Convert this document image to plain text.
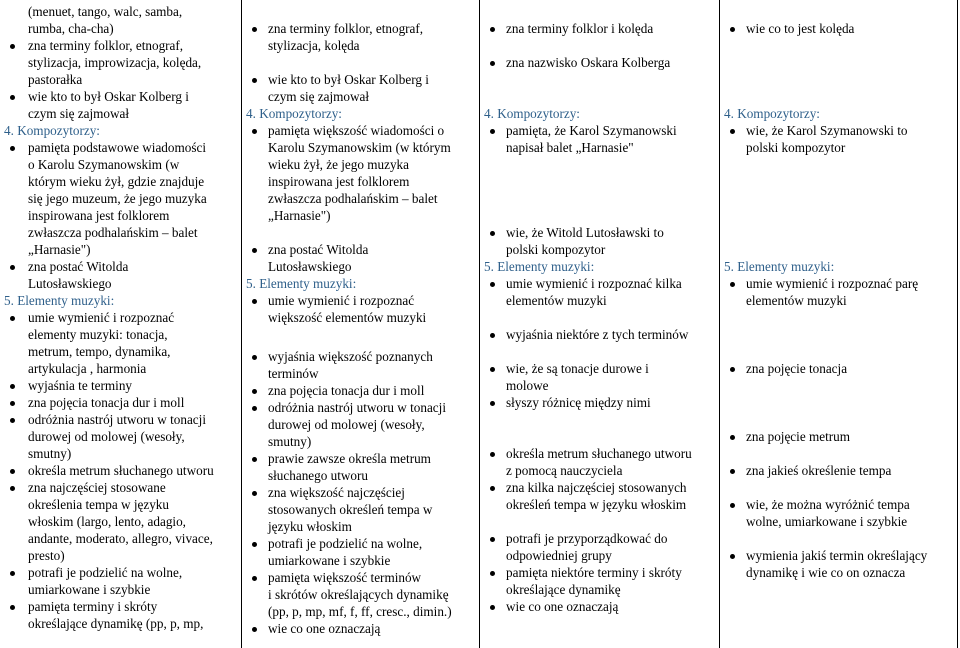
(menuet, tango, walc, samba,
rumba, cha-cha)
zna terminy folklor, etnograf,
stylizacja, improwizacja, kolęda,
pastorałka
wie kto to był Oskar Kolberg i
czym się zajmował
4. Kompozytorzy:
pamięta podstawowe wiadomości
o Karolu Szymanowskim (w
którym wieku żył, gdzie znajduje
się jego muzeum, że jego muzyka
inspirowana jest folklorem
zwłaszcza podhalańskim – balet
„Harnasie")
zna postać Witolda
Lutosławskiego
5. Elementy muzyki:
umie wymienić i rozpoznać
elementy muzyki: tonacja,
metrum, tempo, dynamika,
artykulacja , harmonia
wyjaśnia te terminy
zna pojęcia tonacja dur i moll
odróżnia nastrój utworu w tonacji
durowej od molowej (wesoły,
smutny)
określa metrum słuchanego utworu
zna najczęściej stosowane
określenia tempa w języku
włoskim (largo, lento, adagio,
andante, moderato, allegro, vivace,
presto)
potrafi je podzielić na wolne,
umiarkowane i szybkie
pamięta terminy i skróty
określające dynamikę (pp, p, mp,
zna terminy folklor, etnograf,
stylizacja, kolęda
wie kto to był Oskar Kolberg i
czym się zajmował
4. Kompozytorzy:
pamięta większość wiadomości o
Karolu Szymanowskim (w którym
wieku żył, że jego muzyka
inspirowana jest folklorem
zwłaszcza podhalańskim – balet
„Harnasie")
zna postać Witolda
Lutosławskiego
5. Elementy muzyki:
umie wymienić i rozpoznać
większość elementów muzyki
wyjaśnia większość poznanych
terminów
zna pojęcia tonacja dur i moll
odróżnia nastrój utworu w tonacji
durowej od molowej (wesoły,
smutny)
prawie zawsze określa metrum
słuchanego utworu
zna większość najczęściej
stosowanych określeń tempa w
języku włoskim
potrafi je podzielić na wolne,
umiarkowane i szybkie
pamięta większość terminów
i skrótów określających dynamikę
(pp, p, mp, mf, f, ff, cresc., dimin.)
wie co one oznaczają
zna terminy folklor i kolęda
zna nazwisko Oskara Kolberga
4. Kompozytorzy:
pamięta, że Karol Szymanowski
napisał balet „Harnasie"
wie, że Witold Lutosławski to
polski kompozytor
5. Elementy muzyki:
umie wymienić i rozpoznać kilka
elementów muzyki
wyjaśnia niektóre z tych terminów
wie, że są tonacje durowe i
molowe
słyszy różnicę między nimi
określa metrum słuchanego utworu
z pomocą nauczyciela
zna kilka najczęściej stosowanych
określeń tempa w języku włoskim
potrafi je przyporządkować do
odpowiedniej grupy
pamięta niektóre terminy i skróty
określające dynamikę
wie co one oznaczają
wie co to jest kolęda
4. Kompozytorzy:
wie, że Karol Szymanowski to
polski kompozytor
5. Elementy muzyki:
umie wymienić i rozpoznać parę
elementów muzyki
zna pojęcie tonacja
zna pojęcie metrum
zna jakieś określenie tempa
wie, że można wyróżnić tempa
wolne, umiarkowane i szybkie
wymienia jakiś termin określający
dynamikę i wie co on oznacza
